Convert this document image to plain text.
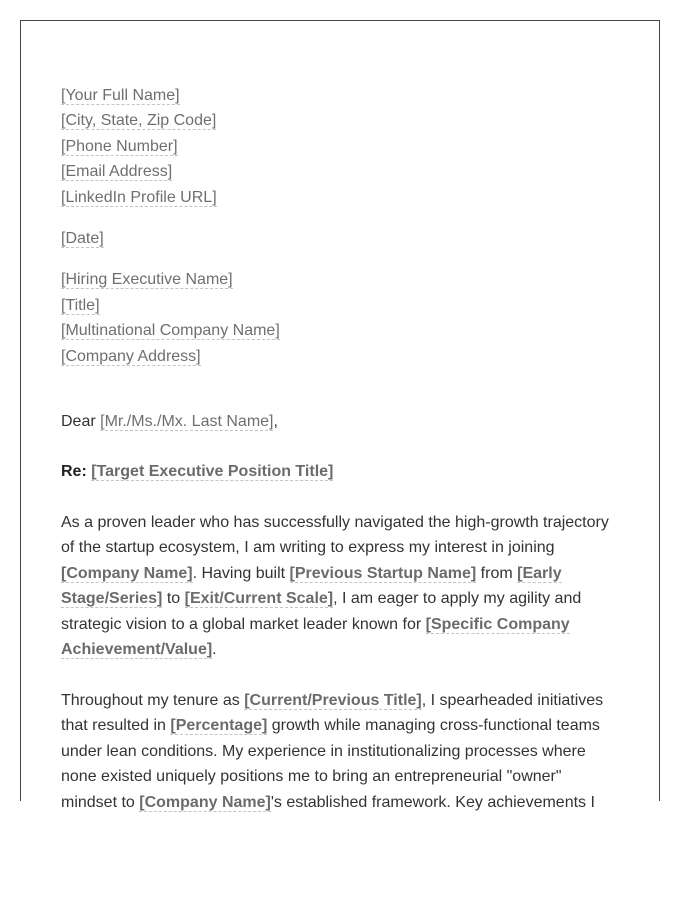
[Your Full Name]
[City, State, Zip Code]
[Phone Number]
[Email Address]
[LinkedIn Profile URL]
[Date]
[Hiring Executive Name]
[Title]
[Multinational Company Name]
[Company Address]
Dear [Mr./Ms./Mx. Last Name],
Re: [Target Executive Position Title]

As a proven leader who has successfully navigated the high-growth trajectory of the startup ecosystem, I am writing to express my interest in joining [Company Name]. Having built [Previous Startup Name] from [Early Stage/Series] to [Exit/Current Scale], I am eager to apply my agility and strategic vision to a global market leader known for [Specific Company Achievement/Value].

Throughout my tenure as [Current/Previous Title], I spearheaded initiatives that resulted in [Percentage] growth while managing cross-functional teams under lean conditions. My experience in institutionalizing processes where none existed uniquely positions me to bring an entrepreneurial "owner" mindset to [Company Name]'s established framework. Key achievements I
